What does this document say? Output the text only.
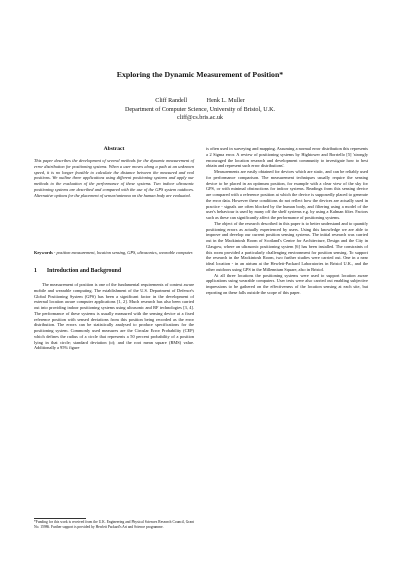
Exploring the Dynamic Measurement of Position*
Cliff Randell	Henk L. Muller
Department of Computer Science, University of Bristol, U.K.
cliff@cs.bris.ac.uk
Abstract
This paper describes the development of several methods for the dynamic measurement of error distribution for positioning systems. When a user moves along a path at an unknown speed, it is no longer feasible to calculate the distance between the measured and real positions. We outline three applications using different positioning systems and apply our methods to the evaluation of the performance of these systems. Two indoor ultrasonic positioning systems are described and compared with the use of the GPS system outdoors. Alternative options for the placement of sensor/antenna on the human body are evaluated.
Keywords - position measurement, location sensing, GPS, ultrasonics, wearable computer.
1 Introduction and Background

The measurement of position is one of the fundamental requirements of context aware mobile and wearable computing. The establishment of the U.S. Department of Defence's Global Positioning System (GPS) has been a significant factor in the development of external location aware computer applications [1, 2]. Much research has also been carried out into providing indoor positioning systems using ultrasonic and RF technologies [3, 4]. The performance of these systems is usually measured with the sensing device at a fixed reference position with sensed deviations from this position being recorded as the error distribution. The errors can be statistically analysed to produce specifications for the positioning system. Commonly used measures are the Circular Error Probability (CEP) which defines the radius of a circle that represents a 50 percent probability of a position lying in that circle; standard deviation (σ); and the root mean square (RMS) value. Additionally a 95% figure

*Funding for this work is received from the U.K. Engineering and Physical Sciences Research Council, Grant No. 15986. Further support is provided by Hewlett Packard's Art and Science programme.

is often used in surveying and mapping. Assuming a normal error distribution this represents a 2 Sigma error. A review of positioning systems by Hightower and Borriello [5] 'strongly encouraged the location research and development community to investigate how to best obtain and represent such error distributions'.

Measurements are easily obtained for devices which are static, and can be reliably used for performance comparison. The measurement techniques usually require the sensing device to be placed in an optimum position, for example with a clear view of the sky for GPS, or with minimal obstructions for indoor systems. Readings from this sensing device are compared with a reference position at which the device is supposedly placed to generate the error data. However these conditions do not reflect how the devices are actually used in practice - signals are often blocked by the human body, and filtering using a model of the user's behaviour is used by many off the shelf systems e.g. by using a Kalman filter. Factors such as these can significantly affect the performance of positioning systems.

The object of the research described in this paper is to better understand and to quantify positioning errors as actually experienced by users. Using this knowledge we are able to improve and develop our current position sensing systems. The initial research was carried out in the Mackintosh Room of Scotland's Centre for Architecture, Design and the City in Glasgow, where an ultrasonic positioning system [6] has been installed. The constraints of this room provided a particularly challenging environment for position sensing. To support the research in the Mackintosh Room, two further studies were carried out. One in a near ideal location - in an atrium at the Hewlett-Packard Laboratories in Bristol U.K., and the other outdoors using GPS in the Millennium Square, also in Bristol.

At all three locations the positioning systems were used to support location aware applications using wearable computers. User tests were also carried out enabling subjective impressions to be gathered on the effectiveness of the location sensing at each site, but reporting on these falls outside the scope of this paper.
